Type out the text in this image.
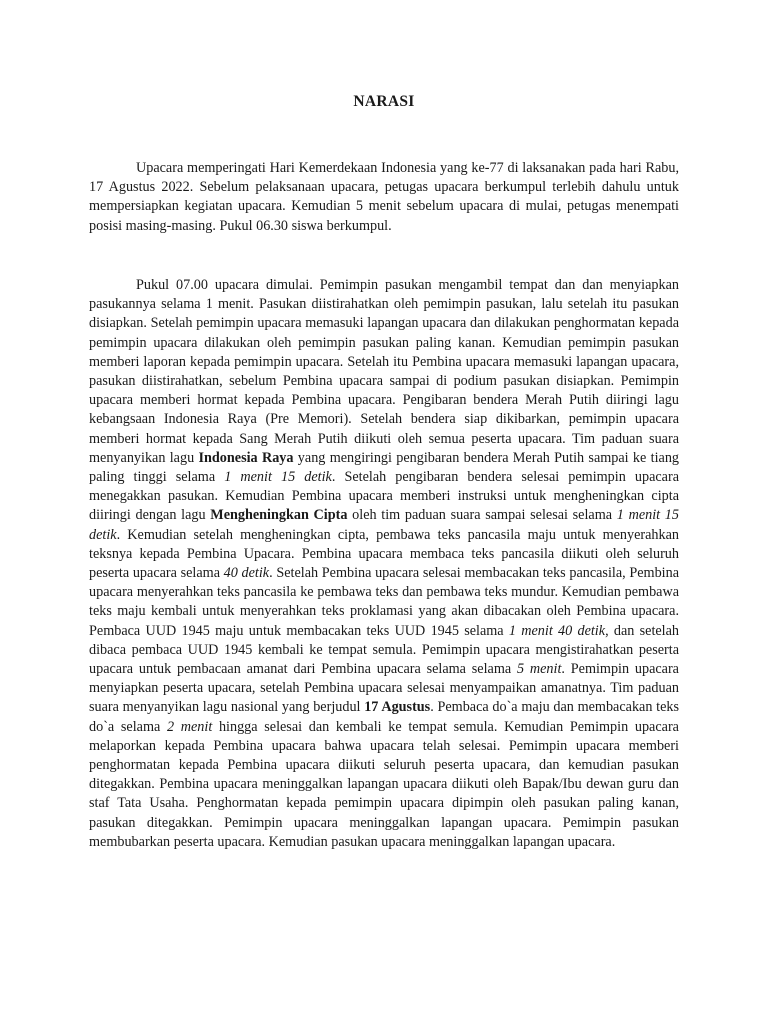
NARASI

Upacara memperingati Hari Kemerdekaan Indonesia yang ke-77 di laksanakan pada hari Rabu, 17 Agustus 2022. Sebelum pelaksanaan upacara, petugas upacara berkumpul terlebih dahulu untuk mempersiapkan kegiatan upacara. Kemudian 5 menit sebelum upacara di mulai, petugas menempati posisi masing-masing. Pukul 06.30 siswa berkumpul.

Pukul 07.00 upacara dimulai. Pemimpin pasukan mengambil tempat dan dan menyiapkan pasukannya selama 1 menit. Pasukan diistirahatkan oleh pemimpin pasukan, lalu setelah itu pasukan disiapkan. Setelah pemimpin upacara memasuki lapangan upacara dan dilakukan penghormatan kepada pemimpin upacara dilakukan oleh pemimpin pasukan paling kanan. Kemudian pemimpin pasukan memberi laporan kepada pemimpin upacara. Setelah itu Pembina upacara memasuki lapangan upacara, pasukan diistirahatkan, sebelum Pembina upacara sampai di podium pasukan disiapkan. Pemimpin upacara memberi hormat kepada Pembina upacara. Pengibaran bendera Merah Putih diiringi lagu kebangsaan Indonesia Raya (Pre Memori). Setelah bendera siap dikibarkan, pemimpin upacara memberi hormat kepada Sang Merah Putih diikuti oleh semua peserta upacara. Tim paduan suara menyanyikan lagu Indonesia Raya yang mengiringi pengibaran bendera Merah Putih sampai ke tiang paling tinggi selama 1 menit 15 detik. Setelah pengibaran bendera selesai pemimpin upacara menegakkan pasukan. Kemudian Pembina upacara memberi instruksi untuk mengheningkan cipta diiringi dengan lagu Mengheningkan Cipta oleh tim paduan suara sampai selesai selama 1 menit 15 detik. Kemudian setelah mengheningkan cipta, pembawa teks pancasila maju untuk menyerahkan teksnya kepada Pembina Upacara. Pembina upacara membaca teks pancasila diikuti oleh seluruh peserta upacara selama 40 detik. Setelah Pembina upacara selesai membacakan teks pancasila, Pembina upacara menyerahkan teks pancasila ke pembawa teks dan pembawa teks mundur. Kemudian pembawa teks maju kembali untuk menyerahkan teks proklamasi yang akan dibacakan oleh Pembina upacara. Pembaca UUD 1945 maju untuk membacakan teks UUD 1945 selama 1 menit 40 detik, dan setelah dibaca pembaca UUD 1945 kembali ke tempat semula. Pemimpin upacara mengistirahatkan peserta upacara untuk pembacaan amanat dari Pembina upacara selama selama 5 menit. Pemimpin upacara menyiapkan peserta upacara, setelah Pembina upacara selesai menyampaikan amanatnya. Tim paduan suara menyanyikan lagu nasional yang berjudul 17 Agustus. Pembaca do`a maju dan membacakan teks do`a selama 2 menit hingga selesai dan kembali ke tempat semula. Kemudian Pemimpin upacara melaporkan kepada Pembina upacara bahwa upacara telah selesai. Pemimpin upacara memberi penghormatan kepada Pembina upacara diikuti seluruh peserta upacara, dan kemudian pasukan ditegakkan. Pembina upacara meninggalkan lapangan upacara diikuti oleh Bapak/Ibu dewan guru dan staf Tata Usaha. Penghormatan kepada pemimpin upacara dipimpin oleh pasukan paling kanan, pasukan ditegakkan. Pemimpin upacara meninggalkan lapangan upacara. Pemimpin pasukan membubarkan peserta upacara. Kemudian pasukan upacara meninggalkan lapangan upacara.
